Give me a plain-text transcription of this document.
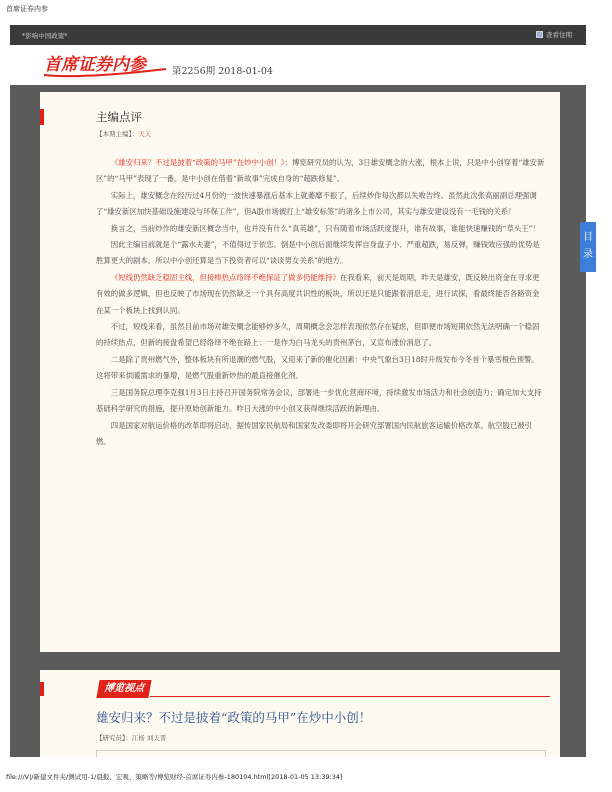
首席证券内参
*影响中国政策*	查看往期
首席证券内参	第2256期 2018-01-04
主编点评
【本期主编】：天天

《雄安归来？不过是披着“政策的马甲”在炒中小创！》：博览研究员的认为，3日雄安概念的大涨，根本上说，只是中小创穿着“雄安新区”的“马甲”表现了一番。是中小创在借着“新故事”完成自身的“超跌修复”。

实际上，雄安概念在经历过4月份的一波快速暴涨后基本上就萎靡不振了，后续炒作每次都以失败告终。虽然此次张高丽副总理强调了“雄安新区加快基础设施建设与环保工作”，但A股市场被打上“雄安标签”的诸多上市公司，其实与雄安建设没有一毛钱的关系！

换言之，当前炒作的雄安新区概念当中，也并没有什么“真英雄”，只有随着市场活跃度提升，谁有故事，谁能快速赚钱的“草头王”！

因此主编目前就是个“露水夫妻”，不值得过于依恋。倒是中小创后面继续发挥自身盘子小、严重超跌，易反弹，赚钱效应强的优势是胜算更大的剧本。所以中小创还算是当下投资者可以“谈谈男女关系”的地方。

《短线仍然缺乏稳固主线，但接棒热点络绎不绝保证了做多仍能维持》在我看来，前天是周期，昨天是雄安，既反映出资金在寻求更有效的做多逻辑，但也反映了市场现在仍然缺乏一个具有高度共识性的板块，所以还是只能跟着消息走，进行试探，看最终能否各路资金在某一个板块上找到认同。

不过，短线来看，虽然目前市场对雄安概念能够炒多久，周期概念会怎样表现依然存在疑虑，但即便市场短期依然无法明确一个稳固的持续热点，但新的接盘希望已经络绎不绝在路上：一是作为白马龙头的贵州茅台，又宣布涨价消息了。

二是除了贵州燃气外，整体板块有所退潮的燃气股，又迎来了新的催化因素：中央气象台3日18时升级发布今冬首个暴雪橙色预警。这将带来供暖需求的暴增，是燃气股重新炒热的最直接催化剂。

三是国务院总理李克强1月3日主持召开国务院常务会议，部署进一步优化营商环境，持续激发市场活力和社会创造力；确定加大支持基础科学研究的措施，提升原始创新能力。昨日大涨的中小创又获得继续活跃的新理由。

四是国家对航运价格的改革即将启动，据传国家民航局和国家发改委即将开会研究部署国内民航旅客运输价格改革。航空股已被引燃。

目
录
博览视点
雄安归来？不过是披着“政策的马甲”在炒中小创！
【研究员】：江杨 刘天晋
file:///V|/新建文件夹/测试用-1/晨报、宏观、策略等/博览财经-首席证券内参-180104.html[2018-01-05 13:39:34]
